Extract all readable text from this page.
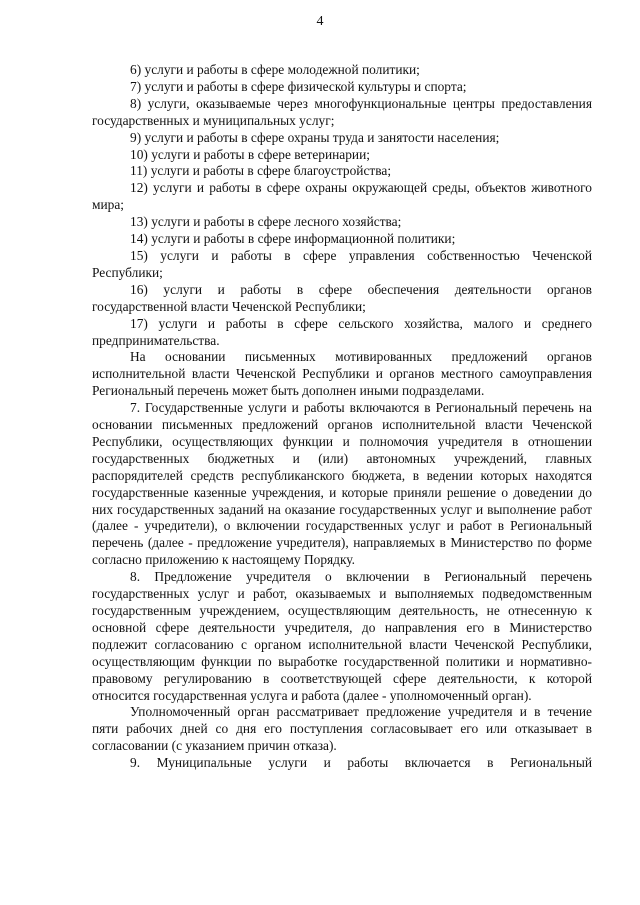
4

6) услуги и работы в сфере молодежной политики;

7) услуги и работы в сфере физической культуры и спорта;

8) услуги, оказываемые через многофункциональные центры предоставления государственных и муниципальных услуг;

9) услуги и работы в сфере охраны труда и занятости населения;

10) услуги и работы в сфере ветеринарии;

11) услуги и работы в сфере благоустройства;

12) услуги и работы в сфере охраны окружающей среды, объектов животного мира;

13) услуги и работы в сфере лесного хозяйства;

14) услуги и работы в сфере информационной политики;

15) услуги и работы в сфере управления собственностью Чеченской Республики;

16) услуги и работы в сфере обеспечения деятельности органов государственной власти Чеченской Республики;

17) услуги и работы в сфере сельского хозяйства, малого и среднего предпринимательства.

На основании письменных мотивированных предложений органов исполнительной власти Чеченской Республики и органов местного самоуправления Региональный перечень может быть дополнен иными подразделами.

7. Государственные услуги и работы включаются в Региональный перечень на основании письменных предложений органов исполнительной власти Чеченской Республики, осуществляющих функции и полномочия учредителя в отношении государственных бюджетных и (или) автономных учреждений, главных распорядителей средств республиканского бюджета, в ведении которых находятся государственные казенные учреждения, и которые приняли решение о доведении до них государственных заданий на оказание государственных услуг и выполнение работ (далее - учредители), о включении государственных услуг и работ в Региональный перечень (далее - предложение учредителя), направляемых в Министерство по форме согласно приложению к настоящему Порядку.

8. Предложение учредителя о включении в Региональный перечень государственных услуг и работ, оказываемых и выполняемых подведомственным государственным учреждением, осуществляющим деятельность, не отнесенную к основной сфере деятельности учредителя, до направления его в Министерство подлежит согласованию с органом исполнительной власти Чеченской Республики, осуществляющим функции по выработке государственной политики и нормативно-правовому регулированию в соответствующей сфере деятельности, к которой относится государственная услуга и работа (далее - уполномоченный орган).

Уполномоченный орган рассматривает предложение учредителя и в течение пяти рабочих дней со дня его поступления согласовывает его или отказывает в согласовании (с указанием причин отказа).

9. Муниципальные услуги и работы включается в Региональный
